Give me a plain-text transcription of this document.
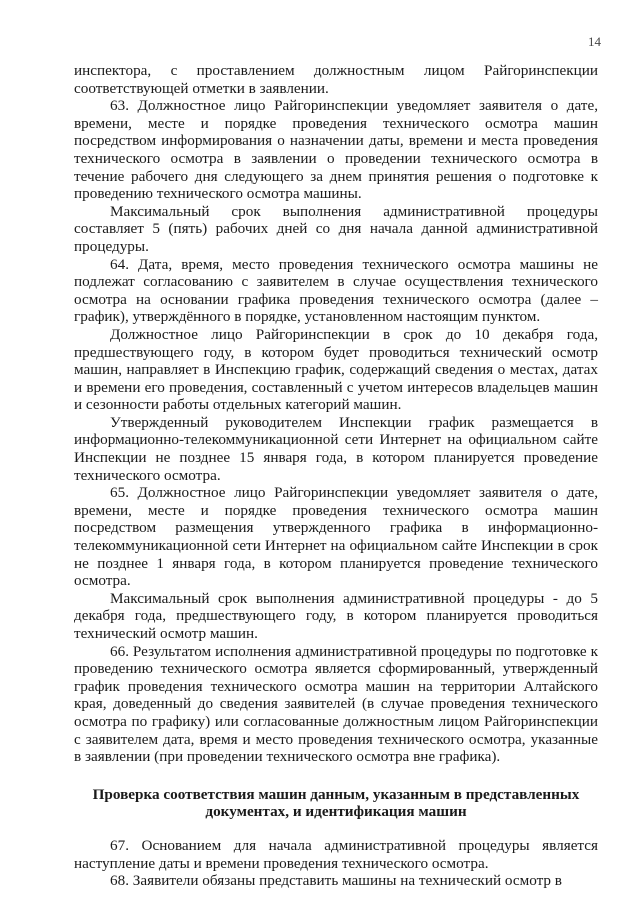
14

инспектора, с проставлением должностным лицом Райгоринспекции соответствующей отметки в заявлении.

63. Должностное лицо Райгоринспекции уведомляет заявителя о дате, времени, месте и порядке проведения технического осмотра машин посредством информирования о назначении даты, времени и места проведения технического осмотра в заявлении о проведении технического осмотра в течение рабочего дня следующего за днем принятия решения о подготовке к проведению технического осмотра машины.

Максимальный срок выполнения административной процедуры составляет 5 (пять) рабочих дней со дня начала данной административной процедуры.

64. Дата, время, место проведения технического осмотра машины не подлежат согласованию с заявителем в случае осуществления технического осмотра на основании графика проведения технического осмотра (далее – график), утверждённого в порядке, установленном настоящим пунктом.

Должностное лицо Райгоринспекции в срок до 10 декабря года, предшествующего году, в котором будет проводиться технический осмотр машин, направляет в Инспекцию график, содержащий сведения о местах, датах и времени его проведения, составленный с учетом интересов владельцев машин и сезонности работы отдельных категорий машин.

Утвержденный руководителем Инспекции график размещается в информационно-телекоммуникационной сети Интернет на официальном сайте Инспекции не позднее 15 января года, в котором планируется проведение технического осмотра.

65. Должностное лицо Райгоринспекции уведомляет заявителя о дате, времени, месте и порядке проведения технического осмотра машин посредством размещения утвержденного графика в информационно-телекоммуникационной сети Интернет на официальном сайте Инспекции в срок не позднее 1 января года, в котором планируется проведение технического осмотра.

Максимальный срок выполнения административной процедуры - до 5 декабря года, предшествующего году, в котором планируется проводиться технический осмотр машин.

66. Результатом исполнения административной процедуры по подготовке к проведению технического осмотра является сформированный, утвержденный график проведения технического осмотра машин на территории Алтайского края, доведенный до сведения заявителей (в случае проведения технического осмотра по графику) или согласованные должностным лицом Райгоринспекции с заявителем дата, время и место проведения технического осмотра, указанные в заявлении (при проведении технического осмотра вне графика).

Проверка соответствия машин данным, указанным в представленных документах, и идентификация машин

67. Основанием для начала административной процедуры является наступление даты и времени проведения технического осмотра.

68. Заявители обязаны представить машины на технический осмотр в
